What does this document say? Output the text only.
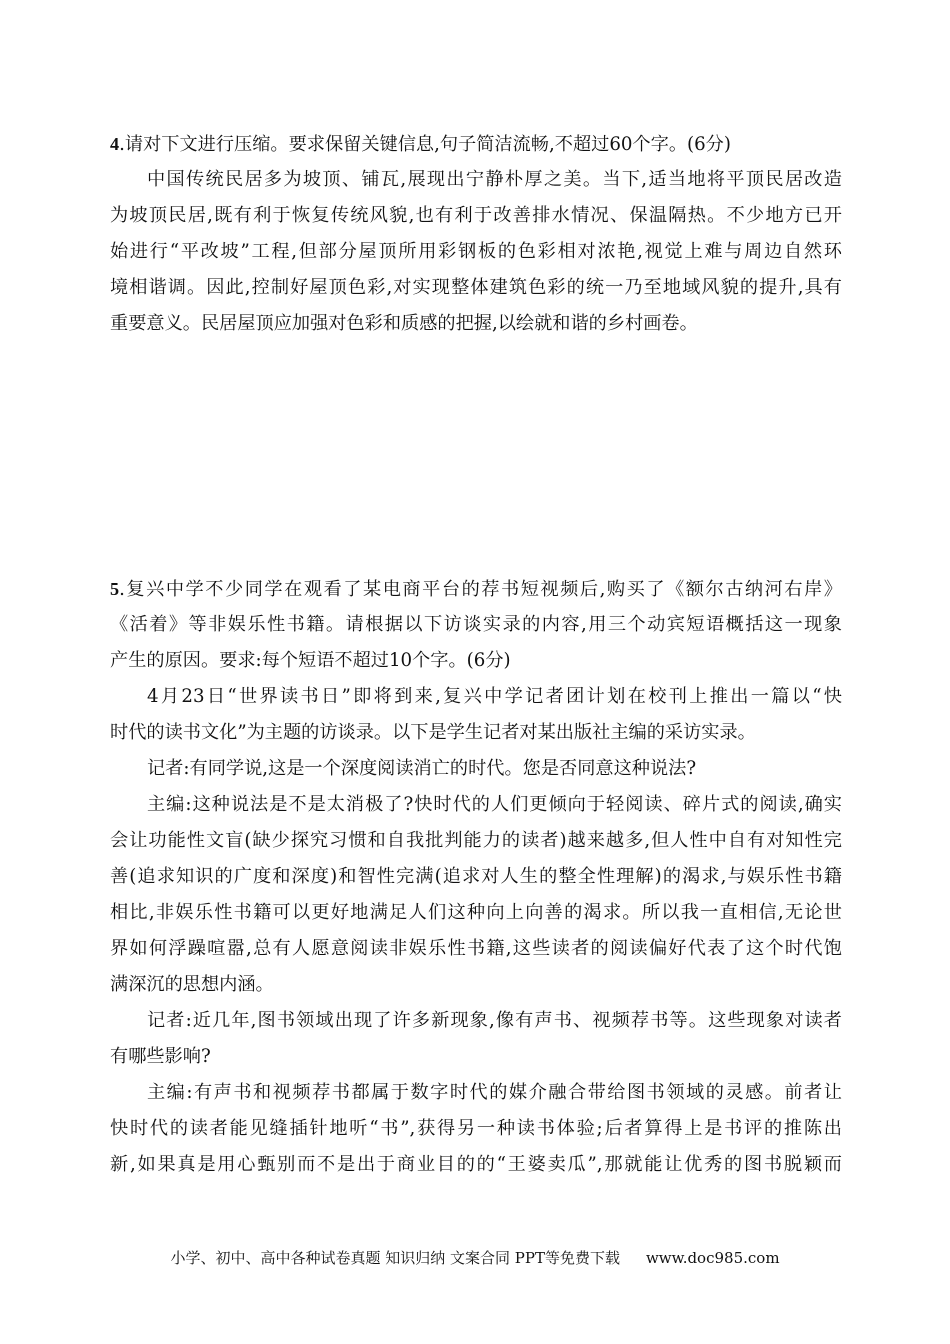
4.请对下文进行压缩。要求保留关键信息,句子简洁流畅,不超过60个字。(6分)
中国传统民居多为坡顶、铺瓦,展现出宁静朴厚之美。当下,适当地将平顶民居改造
为坡顶民居,既有利于恢复传统风貌,也有利于改善排水情况、保温隔热。不少地方已开
始进行“平改坡”工程,但部分屋顶所用彩钢板的色彩相对浓艳,视觉上难与周边自然环
境相谐调。因此,控制好屋顶色彩,对实现整体建筑色彩的统一乃至地域风貌的提升,具有
重要意义。民居屋顶应加强对色彩和质感的把握,以绘就和谐的乡村画卷。
5.复兴中学不少同学在观看了某电商平台的荐书短视频后,购买了《额尔古纳河右岸》
《活着》等非娱乐性书籍。请根据以下访谈实录的内容,用三个动宾短语概括这一现象
产生的原因。要求:每个短语不超过10个字。(6分)
4月23日“世界读书日”即将到来,复兴中学记者团计划在校刊上推出一篇以“快
时代的读书文化”为主题的访谈录。以下是学生记者对某出版社主编的采访实录。
记者:有同学说,这是一个深度阅读消亡的时代。您是否同意这种说法?
主编:这种说法是不是太消极了?快时代的人们更倾向于轻阅读、碎片式的阅读,确实
会让功能性文盲(缺少探究习惯和自我批判能力的读者)越来越多,但人性中自有对知性完
善(追求知识的广度和深度)和智性完满(追求对人生的整全性理解)的渴求,与娱乐性书籍
相比,非娱乐性书籍可以更好地满足人们这种向上向善的渴求。所以我一直相信,无论世
界如何浮躁喧嚣,总有人愿意阅读非娱乐性书籍,这些读者的阅读偏好代表了这个时代饱
满深沉的思想内涵。
记者:近几年,图书领域出现了许多新现象,像有声书、视频荐书等。这些现象对读者
有哪些影响?
主编:有声书和视频荐书都属于数字时代的媒介融合带给图书领域的灵感。前者让
快时代的读者能见缝插针地听“书”,获得另一种读书体验;后者算得上是书评的推陈出
新,如果真是用心甄别而不是出于商业目的的“王婆卖瓜”,那就能让优秀的图书脱颖而
小学、初中、高中各种试卷真题 知识归纳 文案合同 PPT等免费下载 www.doc985.com
